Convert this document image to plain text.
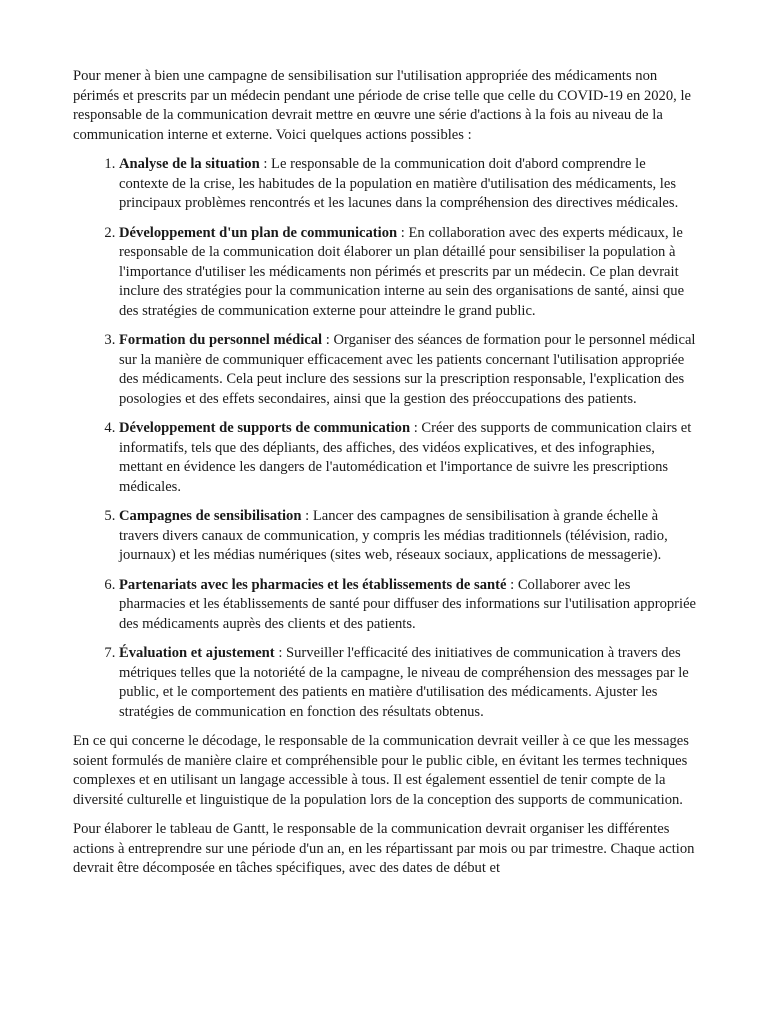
Pour mener à bien une campagne de sensibilisation sur l'utilisation appropriée des médicaments non périmés et prescrits par un médecin pendant une période de crise telle que celle du COVID-19 en 2020, le responsable de la communication devrait mettre en œuvre une série d'actions à la fois au niveau de la communication interne et externe. Voici quelques actions possibles :

1. Analyse de la situation : Le responsable de la communication doit d'abord comprendre le contexte de la crise, les habitudes de la population en matière d'utilisation des médicaments, les principaux problèmes rencontrés et les lacunes dans la compréhension des directives médicales.
2. Développement d'un plan de communication : En collaboration avec des experts médicaux, le responsable de la communication doit élaborer un plan détaillé pour sensibiliser la population à l'importance d'utiliser les médicaments non périmés et prescrits par un médecin. Ce plan devrait inclure des stratégies pour la communication interne au sein des organisations de santé, ainsi que des stratégies de communication externe pour atteindre le grand public.
3. Formation du personnel médical : Organiser des séances de formation pour le personnel médical sur la manière de communiquer efficacement avec les patients concernant l'utilisation appropriée des médicaments. Cela peut inclure des sessions sur la prescription responsable, l'explication des posologies et des effets secondaires, ainsi que la gestion des préoccupations des patients.
4. Développement de supports de communication : Créer des supports de communication clairs et informatifs, tels que des dépliants, des affiches, des vidéos explicatives, et des infographies, mettant en évidence les dangers de l'automédication et l'importance de suivre les prescriptions médicales.
5. Campagnes de sensibilisation : Lancer des campagnes de sensibilisation à grande échelle à travers divers canaux de communication, y compris les médias traditionnels (télévision, radio, journaux) et les médias numériques (sites web, réseaux sociaux, applications de messagerie).
6. Partenariats avec les pharmacies et les établissements de santé : Collaborer avec les pharmacies et les établissements de santé pour diffuser des informations sur l'utilisation appropriée des médicaments auprès des clients et des patients.
7. Évaluation et ajustement : Surveiller l'efficacité des initiatives de communication à travers des métriques telles que la notoriété de la campagne, le niveau de compréhension des messages par le public, et le comportement des patients en matière d'utilisation des médicaments. Ajuster les stratégies de communication en fonction des résultats obtenus.

En ce qui concerne le décodage, le responsable de la communication devrait veiller à ce que les messages soient formulés de manière claire et compréhensible pour le public cible, en évitant les termes techniques complexes et en utilisant un langage accessible à tous. Il est également essentiel de tenir compte de la diversité culturelle et linguistique de la population lors de la conception des supports de communication.

Pour élaborer le tableau de Gantt, le responsable de la communication devrait organiser les différentes actions à entreprendre sur une période d'un an, en les répartissant par mois ou par trimestre. Chaque action devrait être décomposée en tâches spécifiques, avec des dates de début et
